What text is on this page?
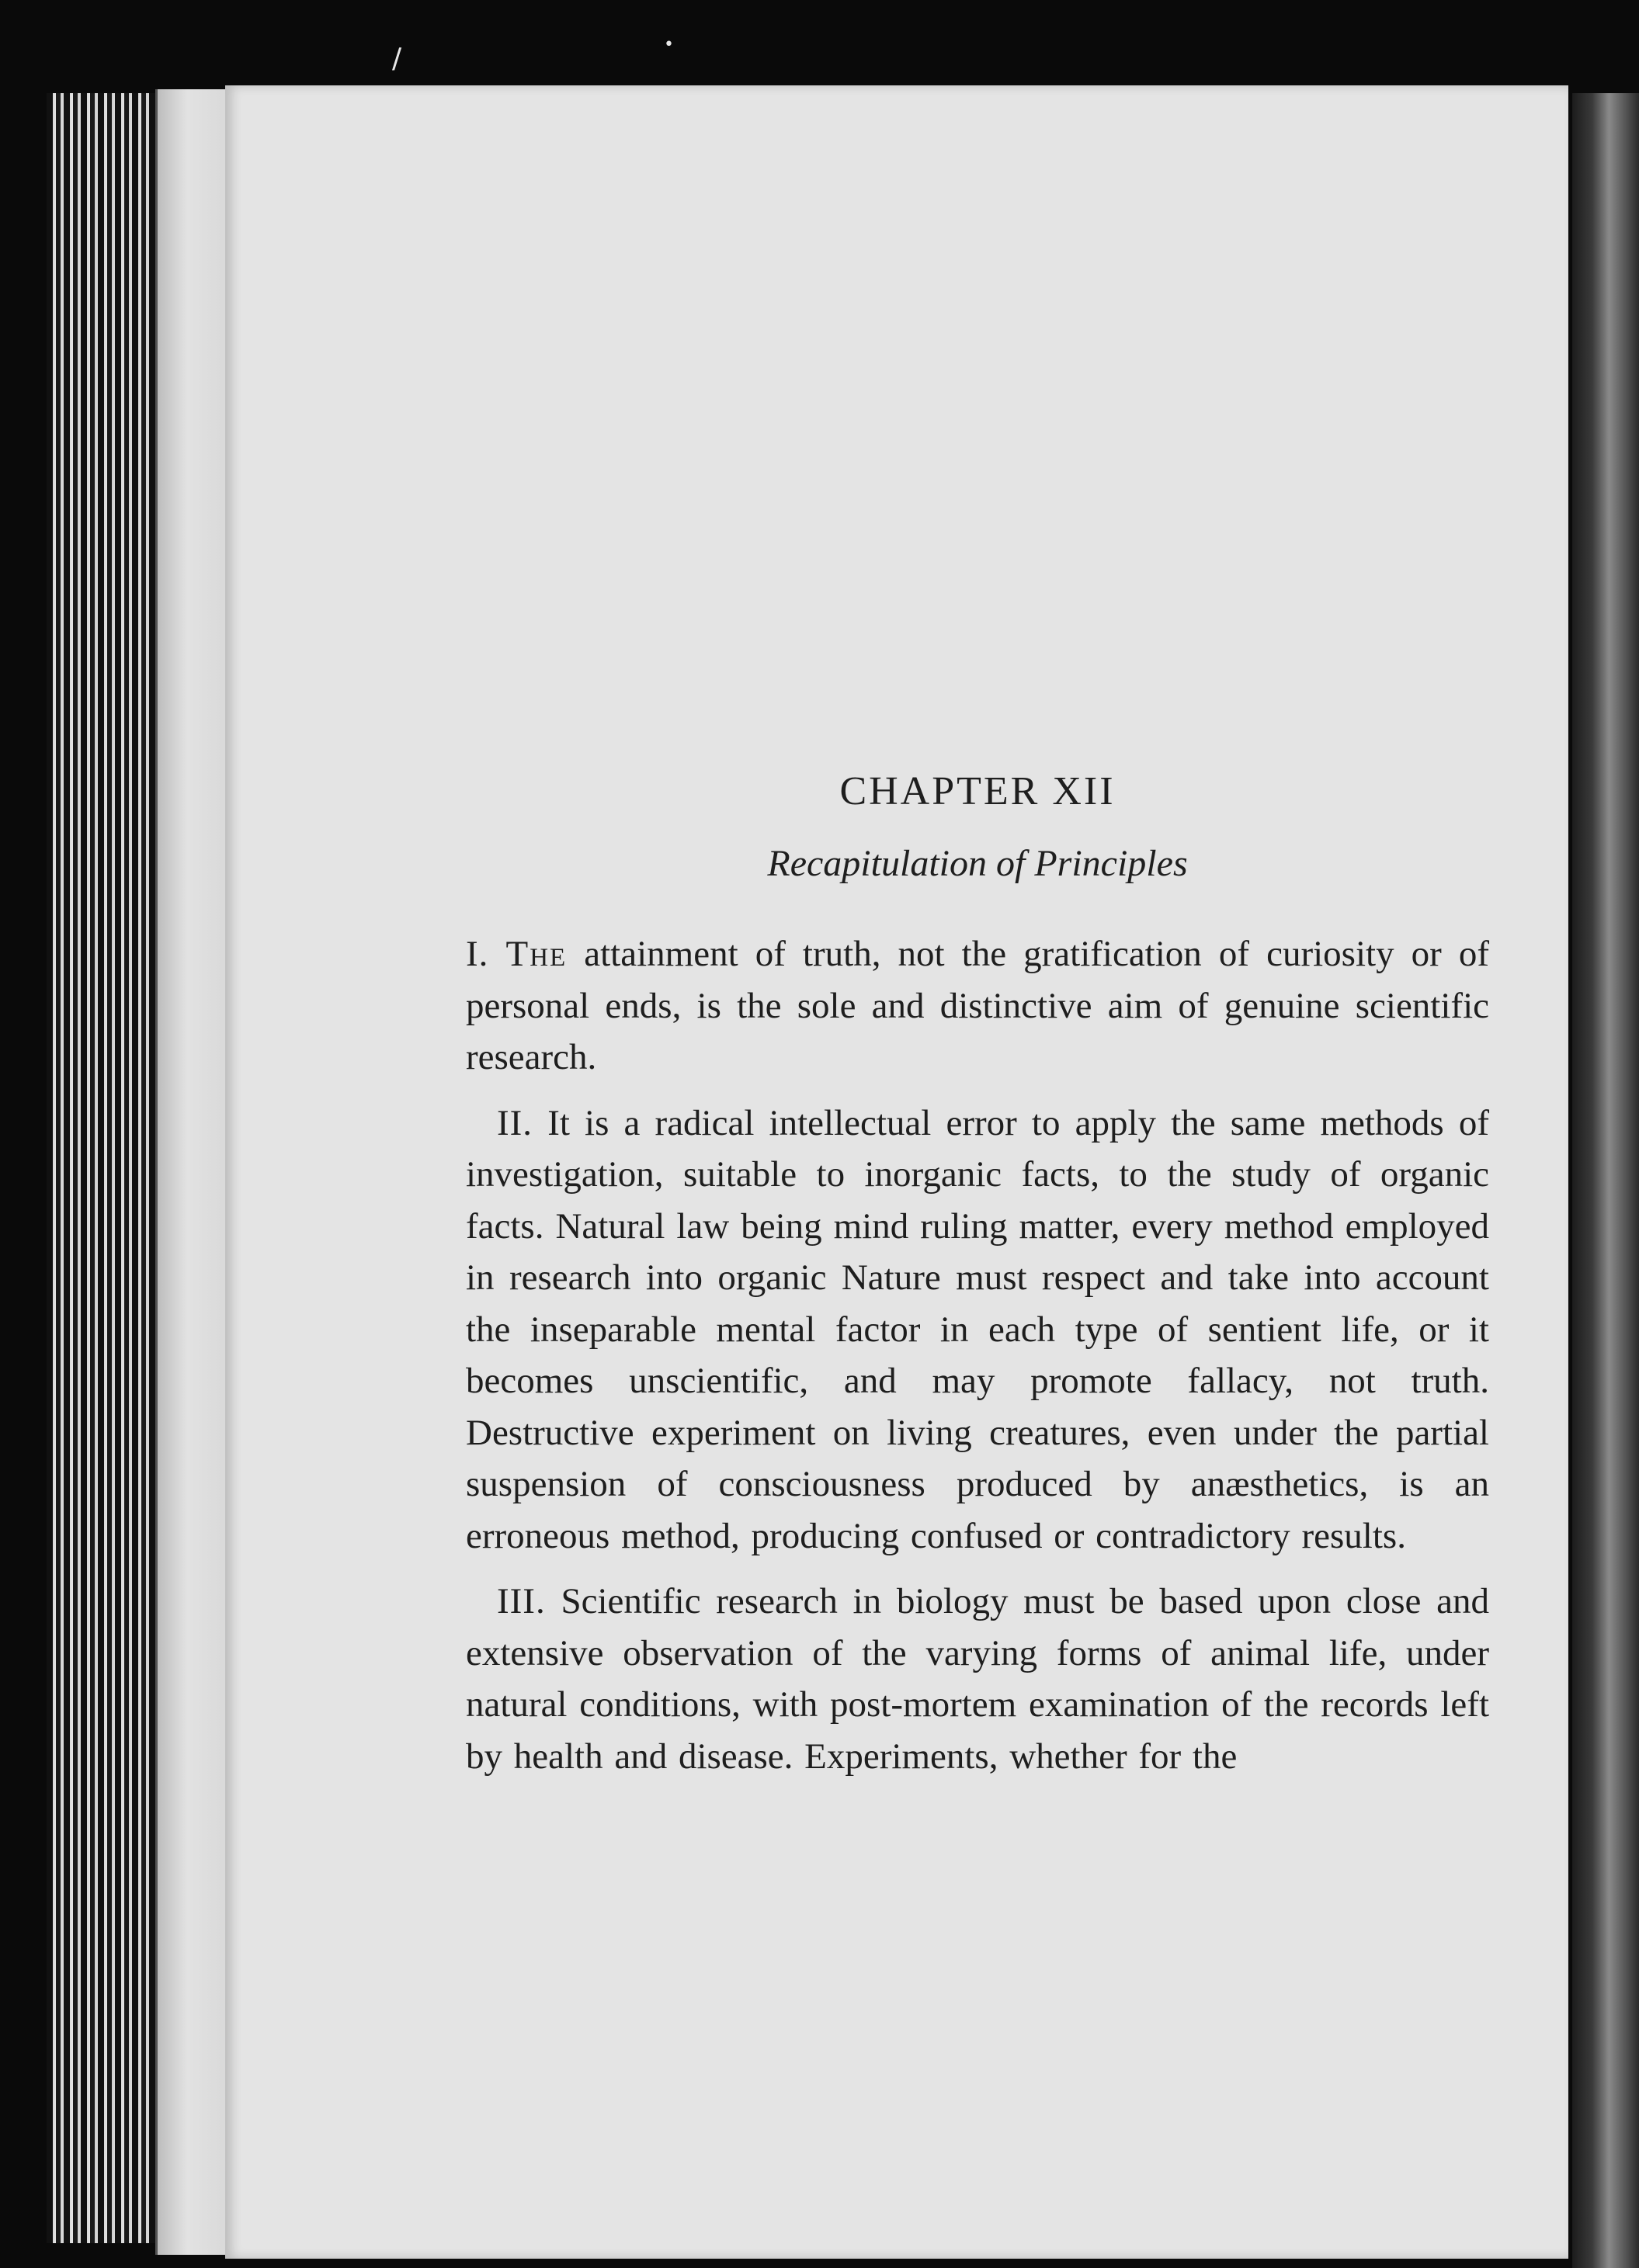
/	•
CHAPTER XII
Recapitulation of Principles

I. The attainment of truth, not the gratification of curiosity or of personal ends, is the sole and distinctive aim of genuine scientific research.

II. It is a radical intellectual error to apply the same methods of investigation, suitable to inorganic facts, to the study of organic facts. Natural law being mind ruling matter, every method employed in research into organic Nature must respect and take into account the inseparable mental factor in each type of sentient life, or it becomes unscientific, and may promote fallacy, not truth. Destructive experiment on living creatures, even under the partial suspension of consciousness produced by anæsthetics, is an erroneous method, producing confused or contradictory results.

III. Scientific research in biology must be based upon close and extensive observation of the varying forms of animal life, under natural conditions, with post-mortem examination of the records left by health and disease. Experiments, whether for the
